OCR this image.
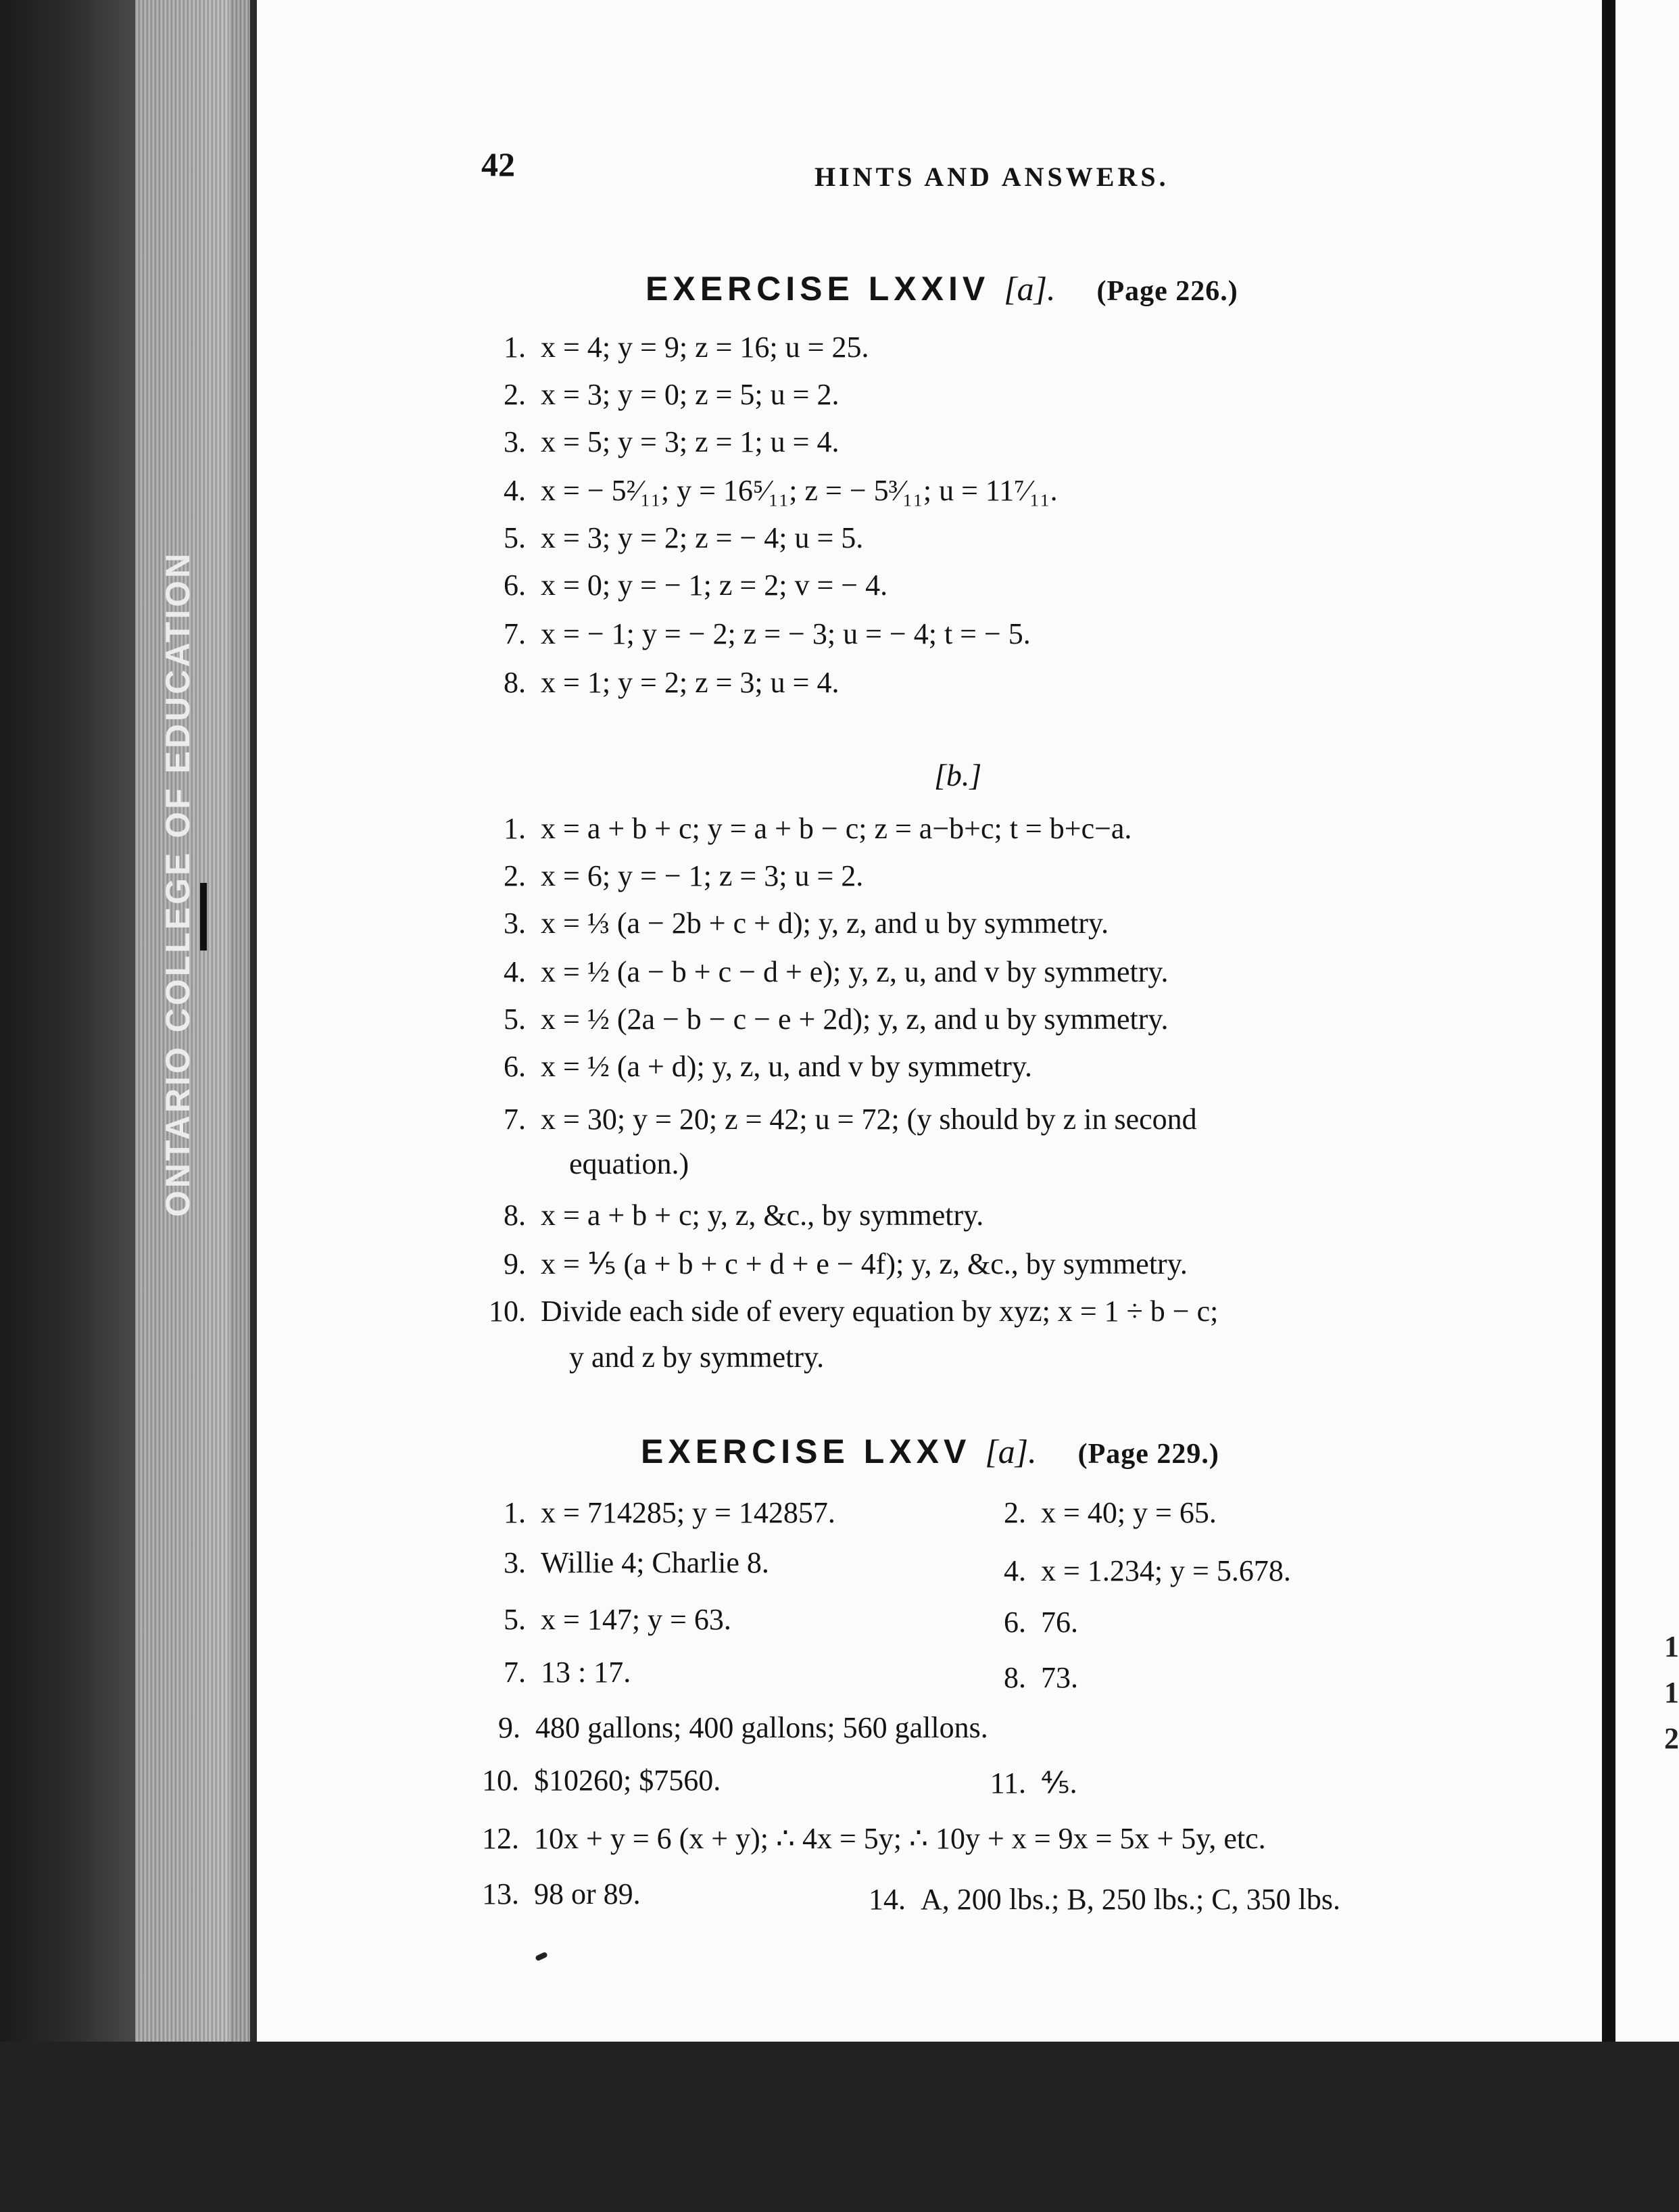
ONTARIO COLLEGE OF EDUCATION
1
1
2
42	HINTS AND ANSWERS.
EXERCISE LXXIV [a]. (Page 226.)
1. x = 4; y = 9; z = 16; u = 25.
2. x = 3; y = 0; z = 5; u = 2.
3. x = 5; y = 3; z = 1; u = 4.
4. x = − 5²⁄₁₁; y = 16⁵⁄₁₁; z = − 5³⁄₁₁; u = 11⁷⁄₁₁.
5. x = 3; y = 2; z = − 4; u = 5.
6. x = 0; y = − 1; z = 2; v = − 4.
7. x = − 1; y = − 2; z = − 3; u = − 4; t = − 5.
8. x = 1; y = 2; z = 3; u = 4.
[b.]
1. x = a + b + c; y = a + b − c; z = a−b+c; t = b+c−a.
2. x = 6; y = − 1; z = 3; u = 2.
3. x = ⅓ (a − 2b + c + d); y, z, and u by symmetry.
4. x = ½ (a − b + c − d + e); y, z, u, and v by symmetry.
5. x = ½ (2a − b − c − e + 2d); y, z, and u by symmetry.
6. x = ½ (a + d); y, z, u, and v by symmetry.
7. x = 30; y = 20; z = 42; u = 72; (y should by z in second
equation.)
8. x = a + b + c; y, z, &c., by symmetry.
9. x = ⅕ (a + b + c + d + e − 4f); y, z, &c., by symmetry.
10. Divide each side of every equation by xyz; x = 1 ÷ b − c;
y and z by symmetry.
EXERCISE LXXV [a]. (Page 229.)
1. x = 714285; y = 142857.	2. x = 40; y = 65.
3. Willie 4; Charlie 8.	4. x = 1.234; y = 5.678.
5. x = 147; y = 63.	6. 76.
7. 13 : 17.	8. 73.
9. 480 gallons; 400 gallons; 560 gallons.
10. $10260; $7560.	11. ⅘.
12. 10x + y = 6 (x + y); ∴ 4x = 5y; ∴ 10y + x = 9x = 5x + 5y, etc.
13. 98 or 89.	14. A, 200 lbs.; B, 250 lbs.; C, 350 lbs.
